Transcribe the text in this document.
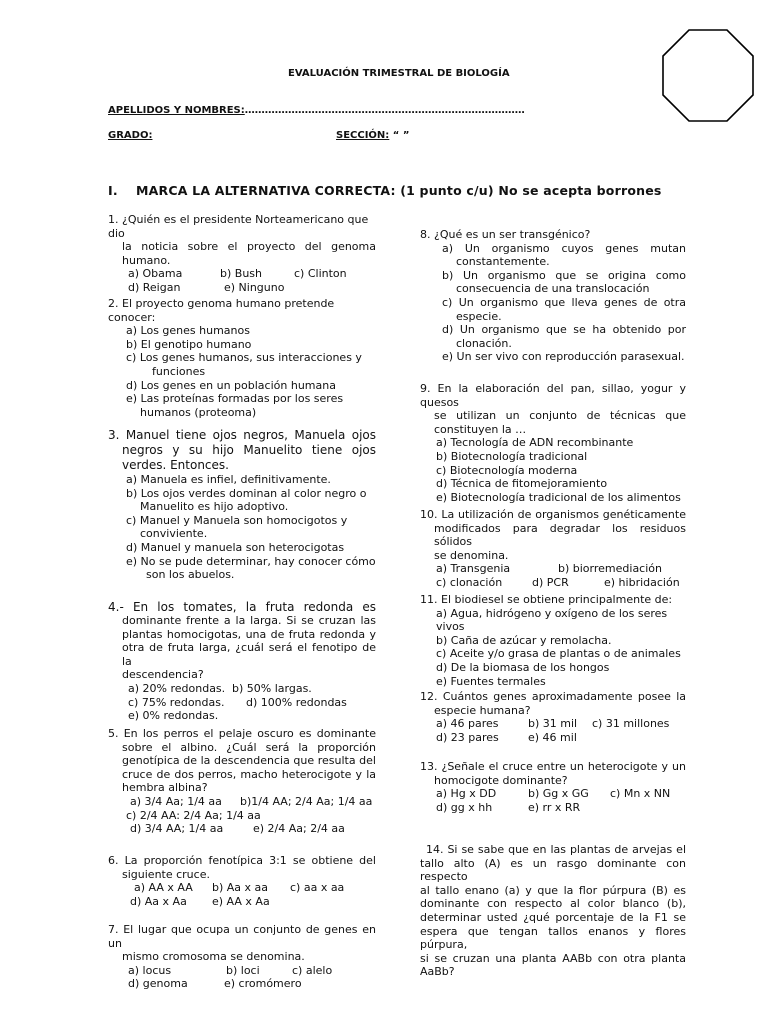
EVALUACIÓN TRIMESTRAL DE BIOLOGÍA
APELLIDOS Y NOMBRES:…………………………………………………………………………
GRADO:	SECCIÓN: “ ”
I. MARCA LA ALTERNATIVA CORRECTA: (1 punto c/u) No se acepta borrones

1. ¿Quién es el presidente Norteamericano que dio

la noticia sobre el proyecto del genoma

humano.

a) Obama	b) Bush	c) Clinton
d) Reigan	e) Ninguno

2. El proyecto genoma humano pretende conocer:

a) Los genes humanos

b) El genotipo humano

c) Los genes humanos, sus interacciones y

funciones

d) Los genes en un población humana

e) Las proteínas formadas por los seres

humanos (proteoma)

3. Manuel tiene ojos negros, Manuela ojos

negros y su hijo Manuelito tiene ojos

verdes. Entonces.

a) Manuela es infiel, definitivamente.

b) Los ojos verdes dominan al color negro o

Manuelito es hijo adoptivo.

c) Manuel y Manuela son homocigotos y

conviviente.

d) Manuel y manuela son heterocigotas

e) No se pude determinar, hay conocer cómo

son los abuelos.

4.- En los tomates, la fruta redonda es

dominante frente a la larga. Si se cruzan las

plantas homocigotas, una de fruta redonda y

otra de fruta larga, ¿cuál será el fenotipo de la

descendencia?

a) 20% redondas. b) 50% largas.
c) 75% redondas. d) 100% redondas

e) 0% redondas.

5. En los perros el pelaje oscuro es dominante

sobre el albino. ¿Cuál será la proporción

genotípica de la descendencia que resulta del

cruce de dos perros, macho heterocigote y la

hembra albina?

a) 3/4 Aa; 1/4 aa b)1/4 AA; 2/4 Aa; 1/4 aa

c) 2/4 AA: 2/4 Aa; 1/4 aa

d) 3/4 AA; 1/4 aa	e) 2/4 Aa; 2/4 aa

6. La proporción fenotípica 3:1 se obtiene del

siguiente cruce.

a) AA x AA b) Aa x aa c) aa x aa
d) Aa x Aa e) AA x Aa

7. El lugar que ocupa un conjunto de genes en un

mismo cromosoma se denomina.

a) locus	b) loci	c) alelo
d) genoma	e) cromómero

8. ¿Qué es un ser transgénico?

a) Un organismo cuyos genes mutan

constantemente.

b) Un organismo que se origina como

consecuencia de una translocación

c) Un organismo que lleva genes de otra

especie.

d) Un organismo que se ha obtenido por

clonación.

e) Un ser vivo con reproducción parasexual.

9. En la elaboración del pan, sillao, yogur y quesos

se utilizan un conjunto de técnicas que

constituyen la …

a) Tecnología de ADN recombinante

b) Biotecnología tradicional

c) Biotecnología moderna

d) Técnica de fitomejoramiento

e) Biotecnología tradicional de los alimentos

10. La utilización de organismos genéticamente

modificados para degradar los residuos sólidos

se denomina.

a) Transgenia	b) biorremediación
c) clonación	d) PCR	e) hibridación

11. El biodiesel se obtiene principalmente de:

a) Agua, hidrógeno y oxígeno de los seres vivos

b) Caña de azúcar y remolacha.

c) Aceite y/o grasa de plantas o de animales

d) De la biomasa de los hongos

e) Fuentes termales

12. Cuántos genes aproximadamente posee la

especie humana?

a) 46 pares	b) 31 mil c) 31 millones
d) 23 pares	e) 46 mil

13. ¿Señale el cruce entre un heterocigote y un

homocigote dominante?

a) Hg x DD	b) Gg x GG c) Mn x NN
d) gg x hh	e) rr x RR

14. Si se sabe que en las plantas de arvejas el

tallo alto (A) es un rasgo dominante con respecto

al tallo enano (a) y que la flor púrpura (B) es

dominante con respecto al color blanco (b),

determinar usted ¿qué porcentaje de la F1 se

espera que tengan tallos enanos y flores púrpura,

si se cruzan una planta AABb con otra planta

AaBb?
